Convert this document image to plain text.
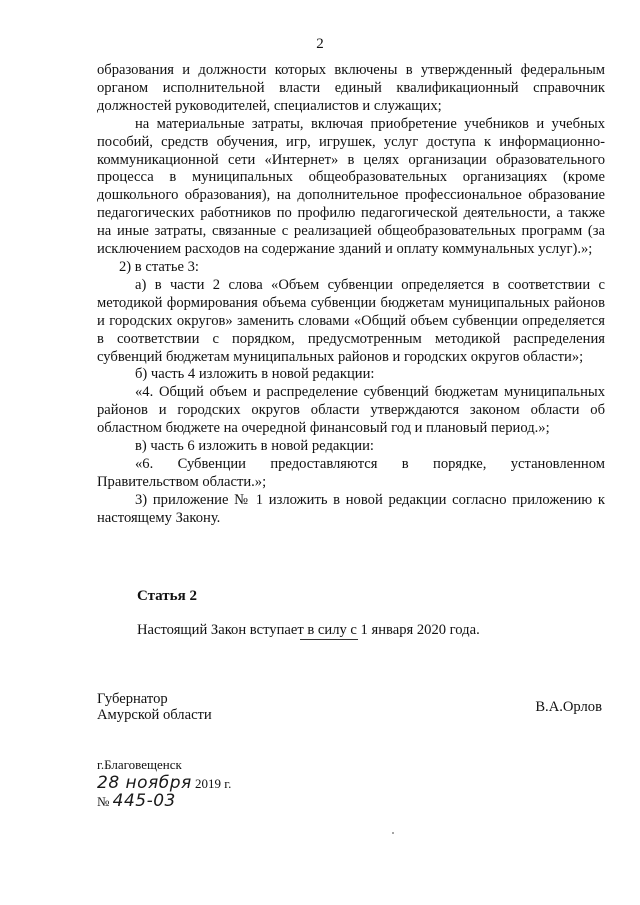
2

образования и должности которых включены в утвержденный федеральным органом исполнительной власти единый квалификационный справочник должностей руководителей, специалистов и служащих;

на материальные затраты, включая приобретение учебников и учебных пособий, средств обучения, игр, игрушек, услуг доступа к информационно-коммуникационной сети «Интернет» в целях организации образовательного процесса в муниципальных общеобразовательных организациях (кроме дошкольного образования), на дополнительное профессиональное образование педагогических работников по профилю педагогической деятельности, а также на иные затраты, связанные с реализацией общеобразовательных программ (за исключением расходов на содержание зданий и оплату коммунальных услуг).»;

2) в статье 3:

а) в части 2 слова «Объем субвенции определяется в соответствии с методикой формирования объема субвенции бюджетам муниципальных районов и городских округов» заменить словами «Общий объем субвенции определяется в соответствии с порядком, предусмотренным методикой распределения субвенций бюджетам муниципальных районов и городских округов области»;

б) часть 4 изложить в новой редакции:

«4. Общий объем и распределение субвенций бюджетам муниципальных районов и городских округов области утверждаются законом области об областном бюджете на очередной финансовый год и плановый период.»;

в) часть 6 изложить в новой редакции:

«6. Субвенции предоставляются в порядке, установленном Правительством области.»;

3) приложение № 1 изложить в новой редакции согласно приложению к настоящему Закону.

Статья 2
Настоящий Закон вступает в силу с 1 января 2020 года.
Губернатор
Амурской области	В.А.Орлов
г.Благовещенск
28 ноября 2019 г.
№ 445-03
